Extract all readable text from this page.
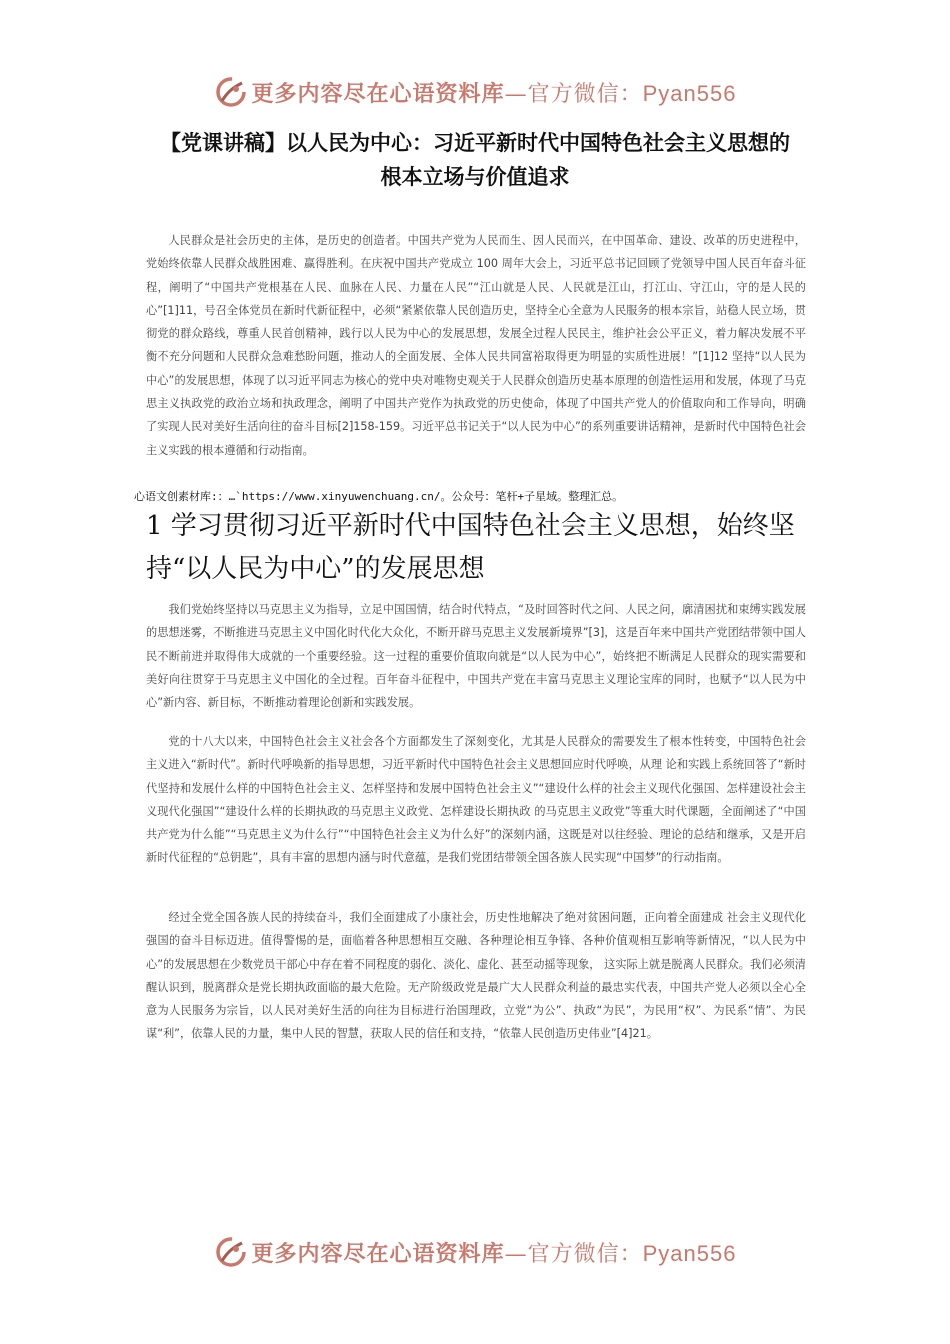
更多内容尽在心语资料库—官方微信：Pyan556
【党课讲稿】以人民为中心：习近平新时代中国特色社会主义思想的
根本立场与价值追求

人民群众是社会历史的主体，是历史的创造者。中国共产党为人民而生、因人民而兴，在中国革命、建设、改革的历史进程中，党始终依靠人民群众战胜困难、赢得胜利。在庆祝中国共产党成立 100 周年大会上，习近平总书记回顾了党领导中国人民百年奋斗征程，阐明了“中国共产党根基在人民、血脉在人民、力量在人民”“江山就是人民、人民就是江山，打江山、守江山，守的是人民的心”[1]11，号召全体党员在新时代新征程中，必须“紧紧依靠人民创造历史，坚持全心全意为人民服务的根本宗旨，站稳人民立场，贯彻党的群众路线，尊重人民首创精神，践行以人民为中心的发展思想，发展全过程人民民主，维护社会公平正义，着力解决发展不平衡不充分问题和人民群众急难愁盼问题，推动人的全面发展、全体人民共同富裕取得更为明显的实质性进展！”[1]12 坚持“以人民为中心”的发展思想，体现了以习近平同志为核心的党中央对唯物史观关于人民群众创造历史基本原理的创造性运用和发展，体现了马克思主义执政党的政治立场和执政理念，阐明了中国共产党作为执政党的历史使命，体现了中国共产党人的价值取向和工作导向，明确了实现人民对美好生活向往的奋斗目标[2]158-159。习近平总书记关于“以人民为中心”的系列重要讲话精神，是新时代中国特色社会主义实践的根本遵循和行动指南。

心语文创素材库:：…`https://www.xinyuwenchuang.cn/。公众号：笔杆+子星域。整理汇总。

1 学习贯彻习近平新时代中国特色社会主义思想，始终坚持“以人民为中心”的发展思想

我们党始终坚持以马克思主义为指导，立足中国国情，结合时代特点，“及时回答时代之问、人民之问，廓清困扰和束缚实践发展的思想迷雾，不断推进马克思主义中国化时代化大众化，不断开辟马克思主义发展新境界”[3]，这是百年来中国共产党团结带领中国人民不断前进并取得伟大成就的一个重要经验。这一过程的重要价值取向就是“以人民为中心”，始终把不断满足人民群众的现实需要和美好向往贯穿于马克思主义中国化的全过程。百年奋斗征程中，中国共产党在丰富马克思主义理论宝库的同时，也赋予“以人民为中心”新内容、新目标，不断推动着理论创新和实践发展。

党的十八大以来，中国特色社会主义社会各个方面都发生了深刻变化，尤其是人民群众的需要发生了根本性转变，中国特色社会主义进入“新时代”。新时代呼唤新的指导思想，习近平新时代中国特色社会主义思想回应时代呼唤，从理 论和实践上系统回答了“新时代坚持和发展什么样的中国特色社会主义、怎样坚持和发展中国特色社会主义”“建设什么样的社会主义现代化强国、怎样建设社会主义现代化强国”“建设什么样的长期执政的马克思主义政党、怎样建设长期执政 的马克思主义政党”等重大时代课题，全面阐述了“中国共产党为什么能”“马克思主义为什么行”“中国特色社会主义为什么好”的深刻内涵，这既是对以往经验、理论的总结和继承，又是开启新时代征程的“总钥匙”，具有丰富的思想内涵与时代意蕴，是我们党团结带领全国各族人民实现“中国梦”的行动指南。

经过全党全国各族人民的持续奋斗，我们全面建成了小康社会，历史性地解决了绝对贫困问题，正向着全面建成 社会主义现代化强国的奋斗目标迈进。值得警惕的是，面临着各种思想相互交融、各种理论相互争锋、各种价值观相互影响等新情况，“以人民为中心”的发展思想在少数党员干部心中存在着不同程度的弱化、淡化、虚化、甚至动摇等现象， 这实际上就是脱离人民群众。我们必须清醒认识到，脱离群众是党长期执政面临的最大危险。无产阶级政党是最广大人民群众利益的最忠实代表，中国共产党人必须以全心全意为人民服务为宗旨，以人民对美好生活的向往为目标进行治国理政，立党“为公”、执政“为民”，为民用“权”、为民系“情”、为民谋“利”，依靠人民的力量，集中人民的智慧，获取人民的信任和支持，“依靠人民创造历史伟业”[4]21。

更多内容尽在心语资料库—官方微信：Pyan556
